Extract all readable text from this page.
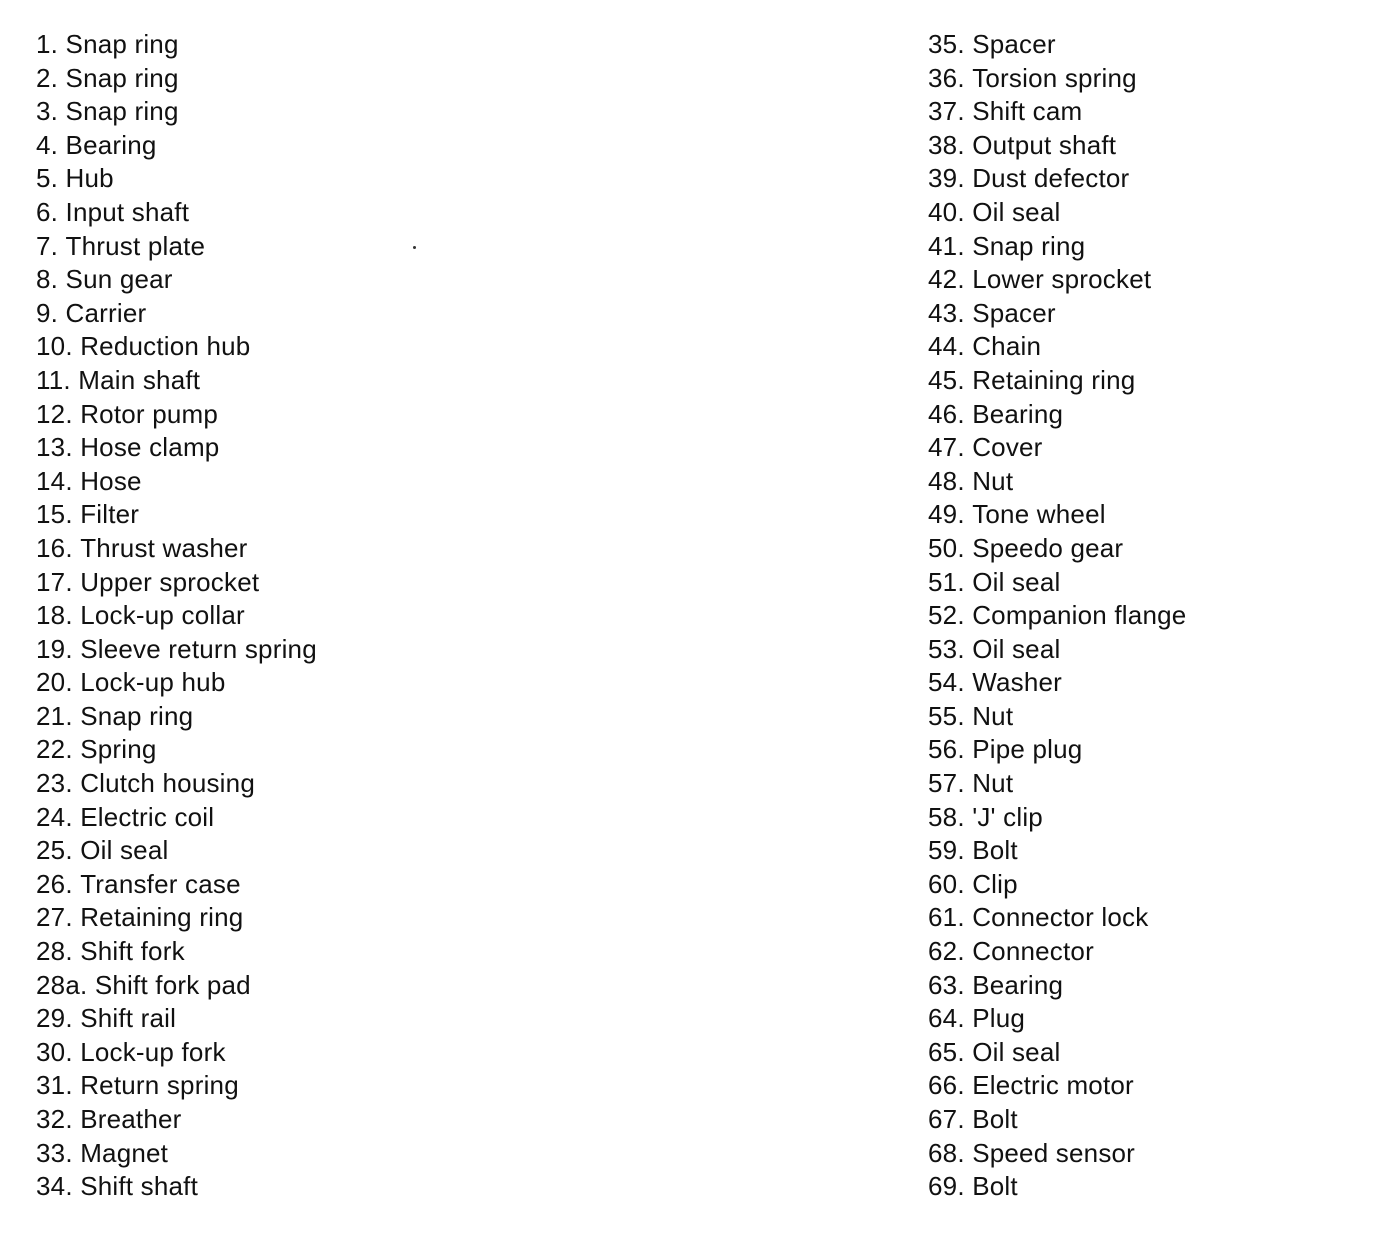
1. Snap ring
2. Snap ring
3. Snap ring
4. Bearing
5. Hub
6. Input shaft
7. Thrust plate
8. Sun gear
9. Carrier
10. Reduction hub
11. Main shaft
12. Rotor pump
13. Hose clamp
14. Hose
15. Filter
16. Thrust washer
17. Upper sprocket
18. Lock-up collar
19. Sleeve return spring
20. Lock-up hub
21. Snap ring
22. Spring
23. Clutch housing
24. Electric coil
25. Oil seal
26. Transfer case
27. Retaining ring
28. Shift fork
28a. Shift fork pad
29. Shift rail
30. Lock-up fork
31. Return spring
32. Breather
33. Magnet
34. Shift shaft
35. Spacer
36. Torsion spring
37. Shift cam
38. Output shaft
39. Dust defector
40. Oil seal
41. Snap ring
42. Lower sprocket
43. Spacer
44. Chain
45. Retaining ring
46. Bearing
47. Cover
48. Nut
49. Tone wheel
50. Speedo gear
51. Oil seal
52. Companion flange
53. Oil seal
54. Washer
55. Nut
56. Pipe plug
57. Nut
58. 'J' clip
59. Bolt
60. Clip
61. Connector lock
62. Connector
63. Bearing
64. Plug
65. Oil seal
66. Electric motor
67. Bolt
68. Speed sensor
69. Bolt
